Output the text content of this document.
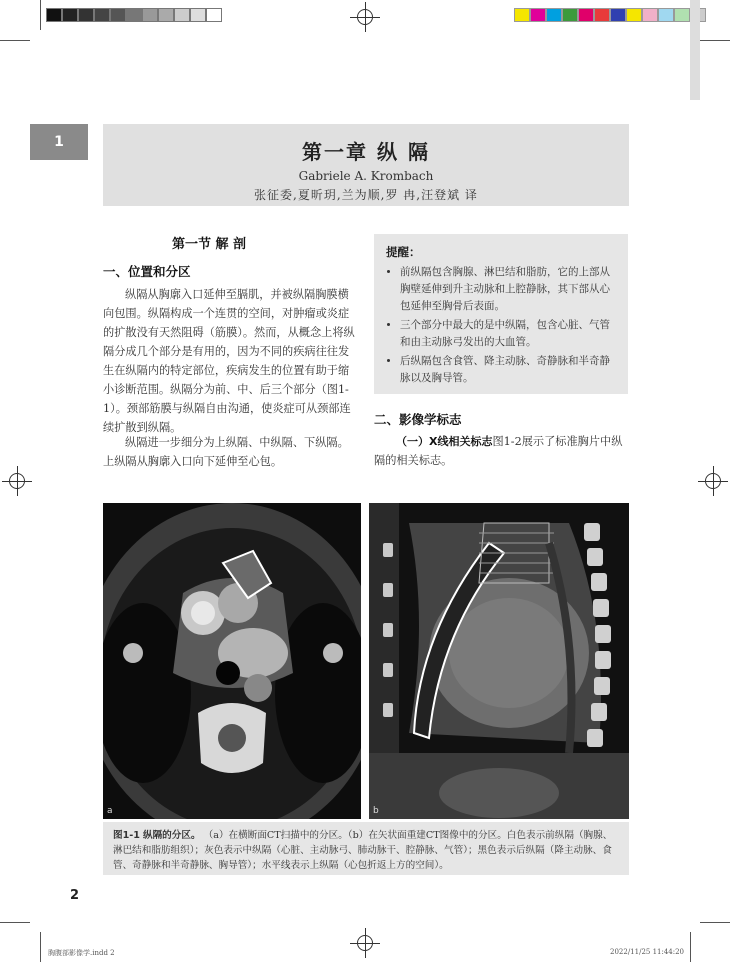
1	第一章 纵 隔
Gabriele A. Krombach
张征委,夏昕玥,兰为顺,罗 冉,汪登斌 译
第一节 解 剖
一、位置和分区
纵隔从胸廓入口延伸至膈肌，并被纵隔胸膜横向包围。纵隔构成一个连贯的空间，对肿瘤或炎症的扩散没有天然阻碍（筋膜）。然而，从概念上将纵隔分成几个部分是有用的，因为不同的疾病往往发生在纵隔内的特定部位，疾病发生的位置有助于缩小诊断范围。纵隔分为前、中、后三个部分（图1-1）。颈部筋膜与纵隔自由沟通，使炎症可从颈部连续扩散到纵隔。
纵隔进一步细分为上纵隔、中纵隔、下纵隔。上纵隔从胸廓入口向下延伸至心包。
提醒：
• 前纵隔包含胸腺、淋巴结和脂肪，它的上部从胸壁延伸到升主动脉和上腔静脉，其下部从心包延伸至胸骨后表面。
• 三个部分中最大的是中纵隔，包含心脏、气管和由主动脉弓发出的大血管。
• 后纵隔包含食管、降主动脉、奇静脉和半奇静脉以及胸导管。
二、影像学标志
（一）X线相关标志图1-2展示了标准胸片中纵隔的相关标志。
a	b
图1-1 纵隔的分区。 （a）在横断面CT扫描中的分区。（b）在矢状面重建CT图像中的分区。白色表示前纵隔（胸腺、淋巴结和脂肪组织）；灰色表示中纵隔（心脏、主动脉弓、肺动脉干、腔静脉、气管）；黑色表示后纵隔（降主动脉、食管、奇静脉和半奇静脉、胸导管）；水平线表示上纵隔（心包折返上方的空间）。
2
胸腹部影像学.indd 2	2022/11/25 11:44:20
